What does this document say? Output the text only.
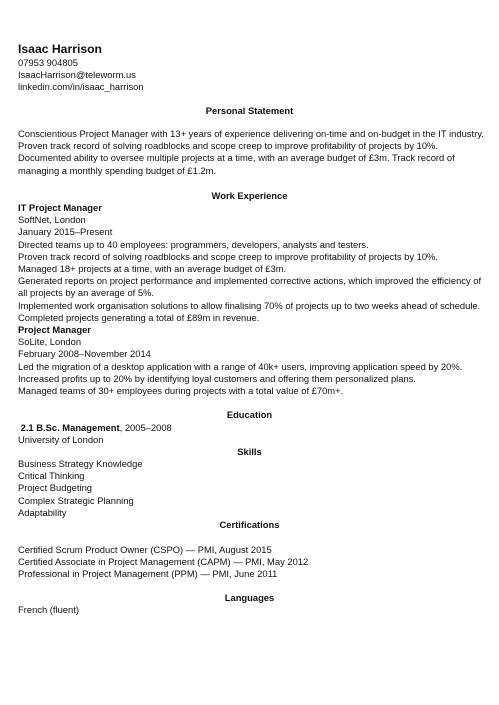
Isaac Harrison
07953 904805
IsaacHarrison@teleworm.us
linkedin.com/in/isaac_harrison
Personal Statement
Conscientious Project Manager with 13+ years of experience delivering on-time and on-budget in the IT industry.
Proven track record of solving roadblocks and scope creep to improve profitability of projects by 10%.
Documented ability to oversee multiple projects at a time, with an average budget of £3m. Track record of
managing a monthly spending budget of £1.2m.
Work Experience
IT Project Manager
SoftNet, London
January 2015–Present
Directed teams up to 40 employees: programmers, developers, analysts and testers.
Proven track record of solving roadblocks and scope creep to improve profitability of projects by 10%.
Managed 18+ projects at a time, with an average budget of £3m.
Generated reports on project performance and implemented corrective actions, which improved the efficiency of
all projects by an average of 5%.
Implemented work organisation solutions to allow finalising 70% of projects up to two weeks ahead of schedule.
Completed projects generating a total of £89m in revenue.
Project Manager
SoLite, London
February 2008–November 2014
Led the migration of a desktop application with a range of 40k+ users, improving application speed by 20%.
Increased profits up to 20% by identifying loyal customers and offering them personalized plans.
Managed teams of 30+ employees during projects with a total value of £70m+.
Education
2.1 B.Sc. Management, 2005–2008
University of London
Skills
Business Strategy Knowledge
Critical Thinking
Project Budgeting
Complex Strategic Planning
Adaptability
Certifications
Certified Scrum Product Owner (CSPO) — PMI, August 2015
Certified Associate in Project Management (CAPM) — PMI, May 2012
Professional in Project Management (PPM) — PMI, June 2011
Languages
French (fluent)
